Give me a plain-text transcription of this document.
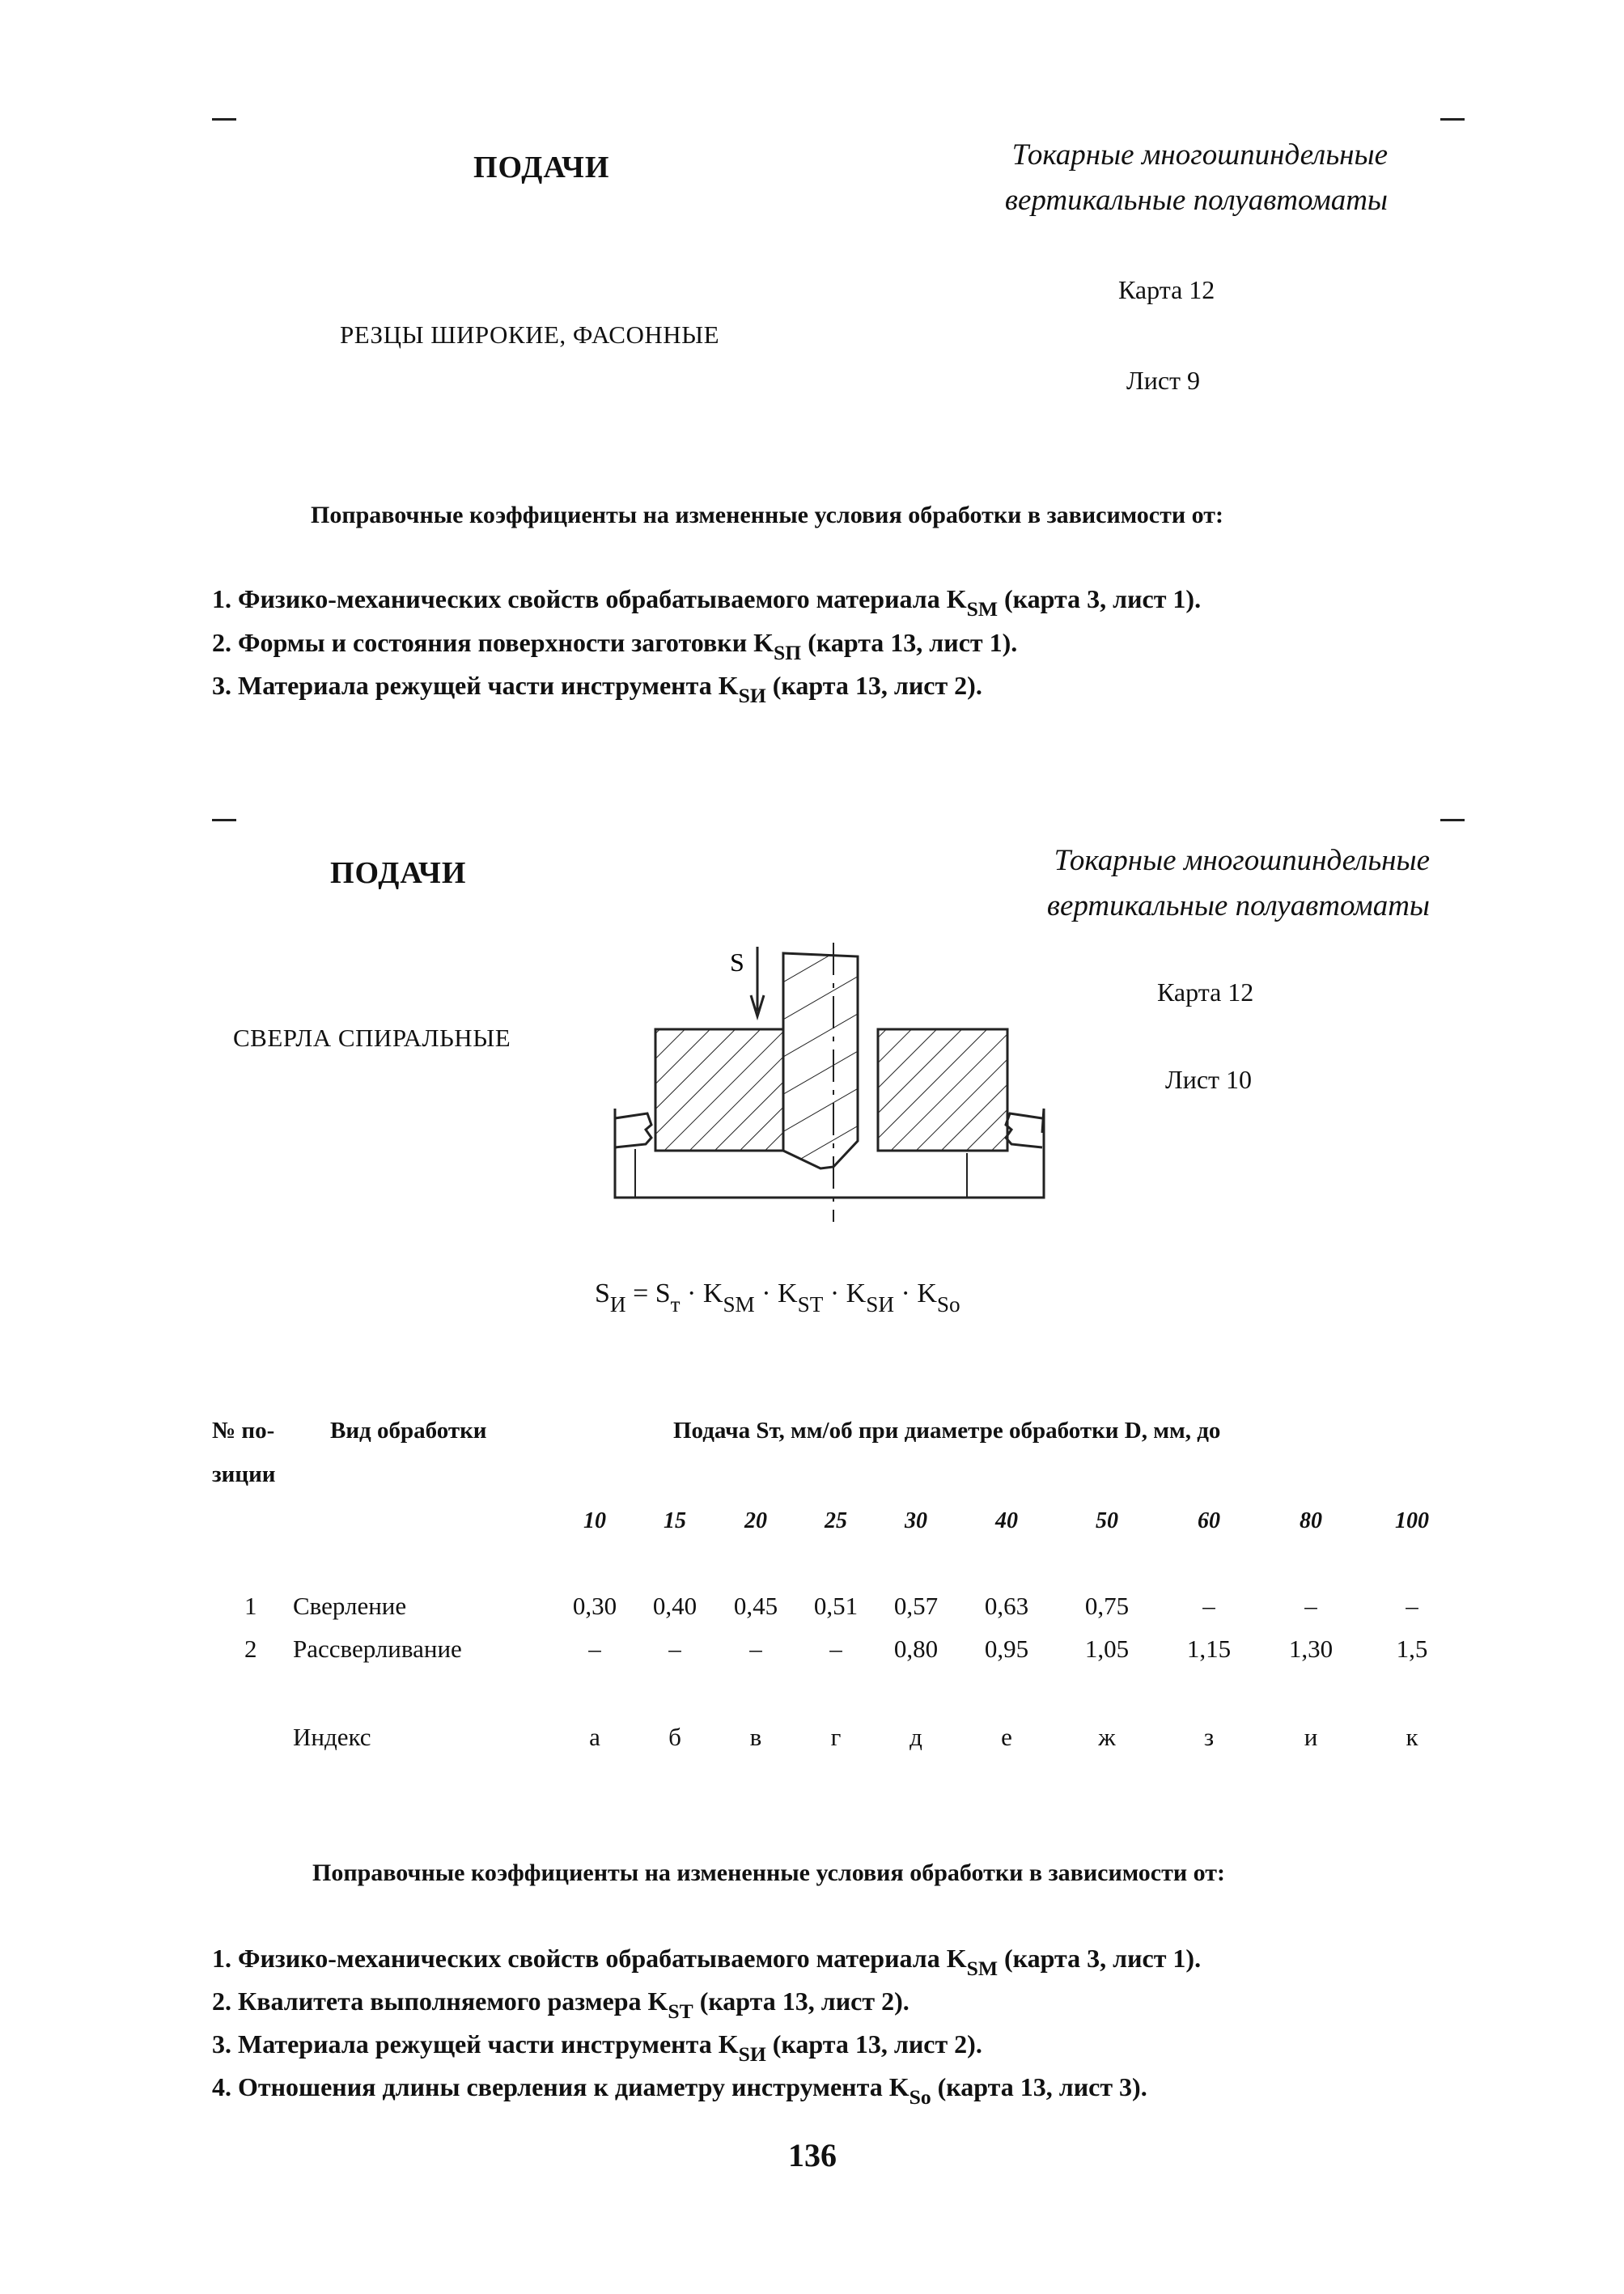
ПОДАЧИ	Токарные многошпиндельные
вертикальные полуавтоматы
Карта 12
РЕЗЦЫ ШИРОКИЕ, ФАСОННЫЕ
Лист 9
Поправочные коэффициенты на измененные условия обработки в зависимости от:
1. Физико-механических свойств обрабатываемого материала $K_{SM}$ (карта 3, лист 1).
2. Формы и состояния поверхности заготовки $K_{SП}$ (карта 13, лист 1).
3. Материала режущей части инструмента $K_{SИ}$ (карта 13, лист 2).
ПОДАЧИ	Токарные многошпиндельные
вертикальные полуавтоматы
Карта 12
СВЕРЛА СПИРАЛЬНЫЕ
Лист 10
S
$S_И = S_т \cdot K_{SM} \cdot K_{ST} \cdot K_{SИ} \cdot K_{So}$
№ по-
зиции
Вид обработки	Подача Sт, мм/об при диаметре обработки D, мм, до
10	15	20	25	30	40	50	60	80	100
1 Сверление	0,30 0,40 0,45 0,51 0,57 0,63 0,75	–	–	–
2 Рассверливание	–	–	–	– 0,80 0,95 1,05 1,15 1,30	1,5
Индекс	а	б	в	г	д	е	ж	з	и	к
Поправочные коэффициенты на измененные условия обработки в зависимости от:
1. Физико-механических свойств обрабатываемого материала $K_{SM}$ (карта 3, лист 1).
2. Квалитета выполняемого размера $K_{ST}$ (карта 13, лист 2).
3. Материала режущей части инструмента $K_{SИ}$ (карта 13, лист 2).
4. Отношения длины сверления к диаметру инструмента $K_{So}$ (карта 13, лист 3).
136
